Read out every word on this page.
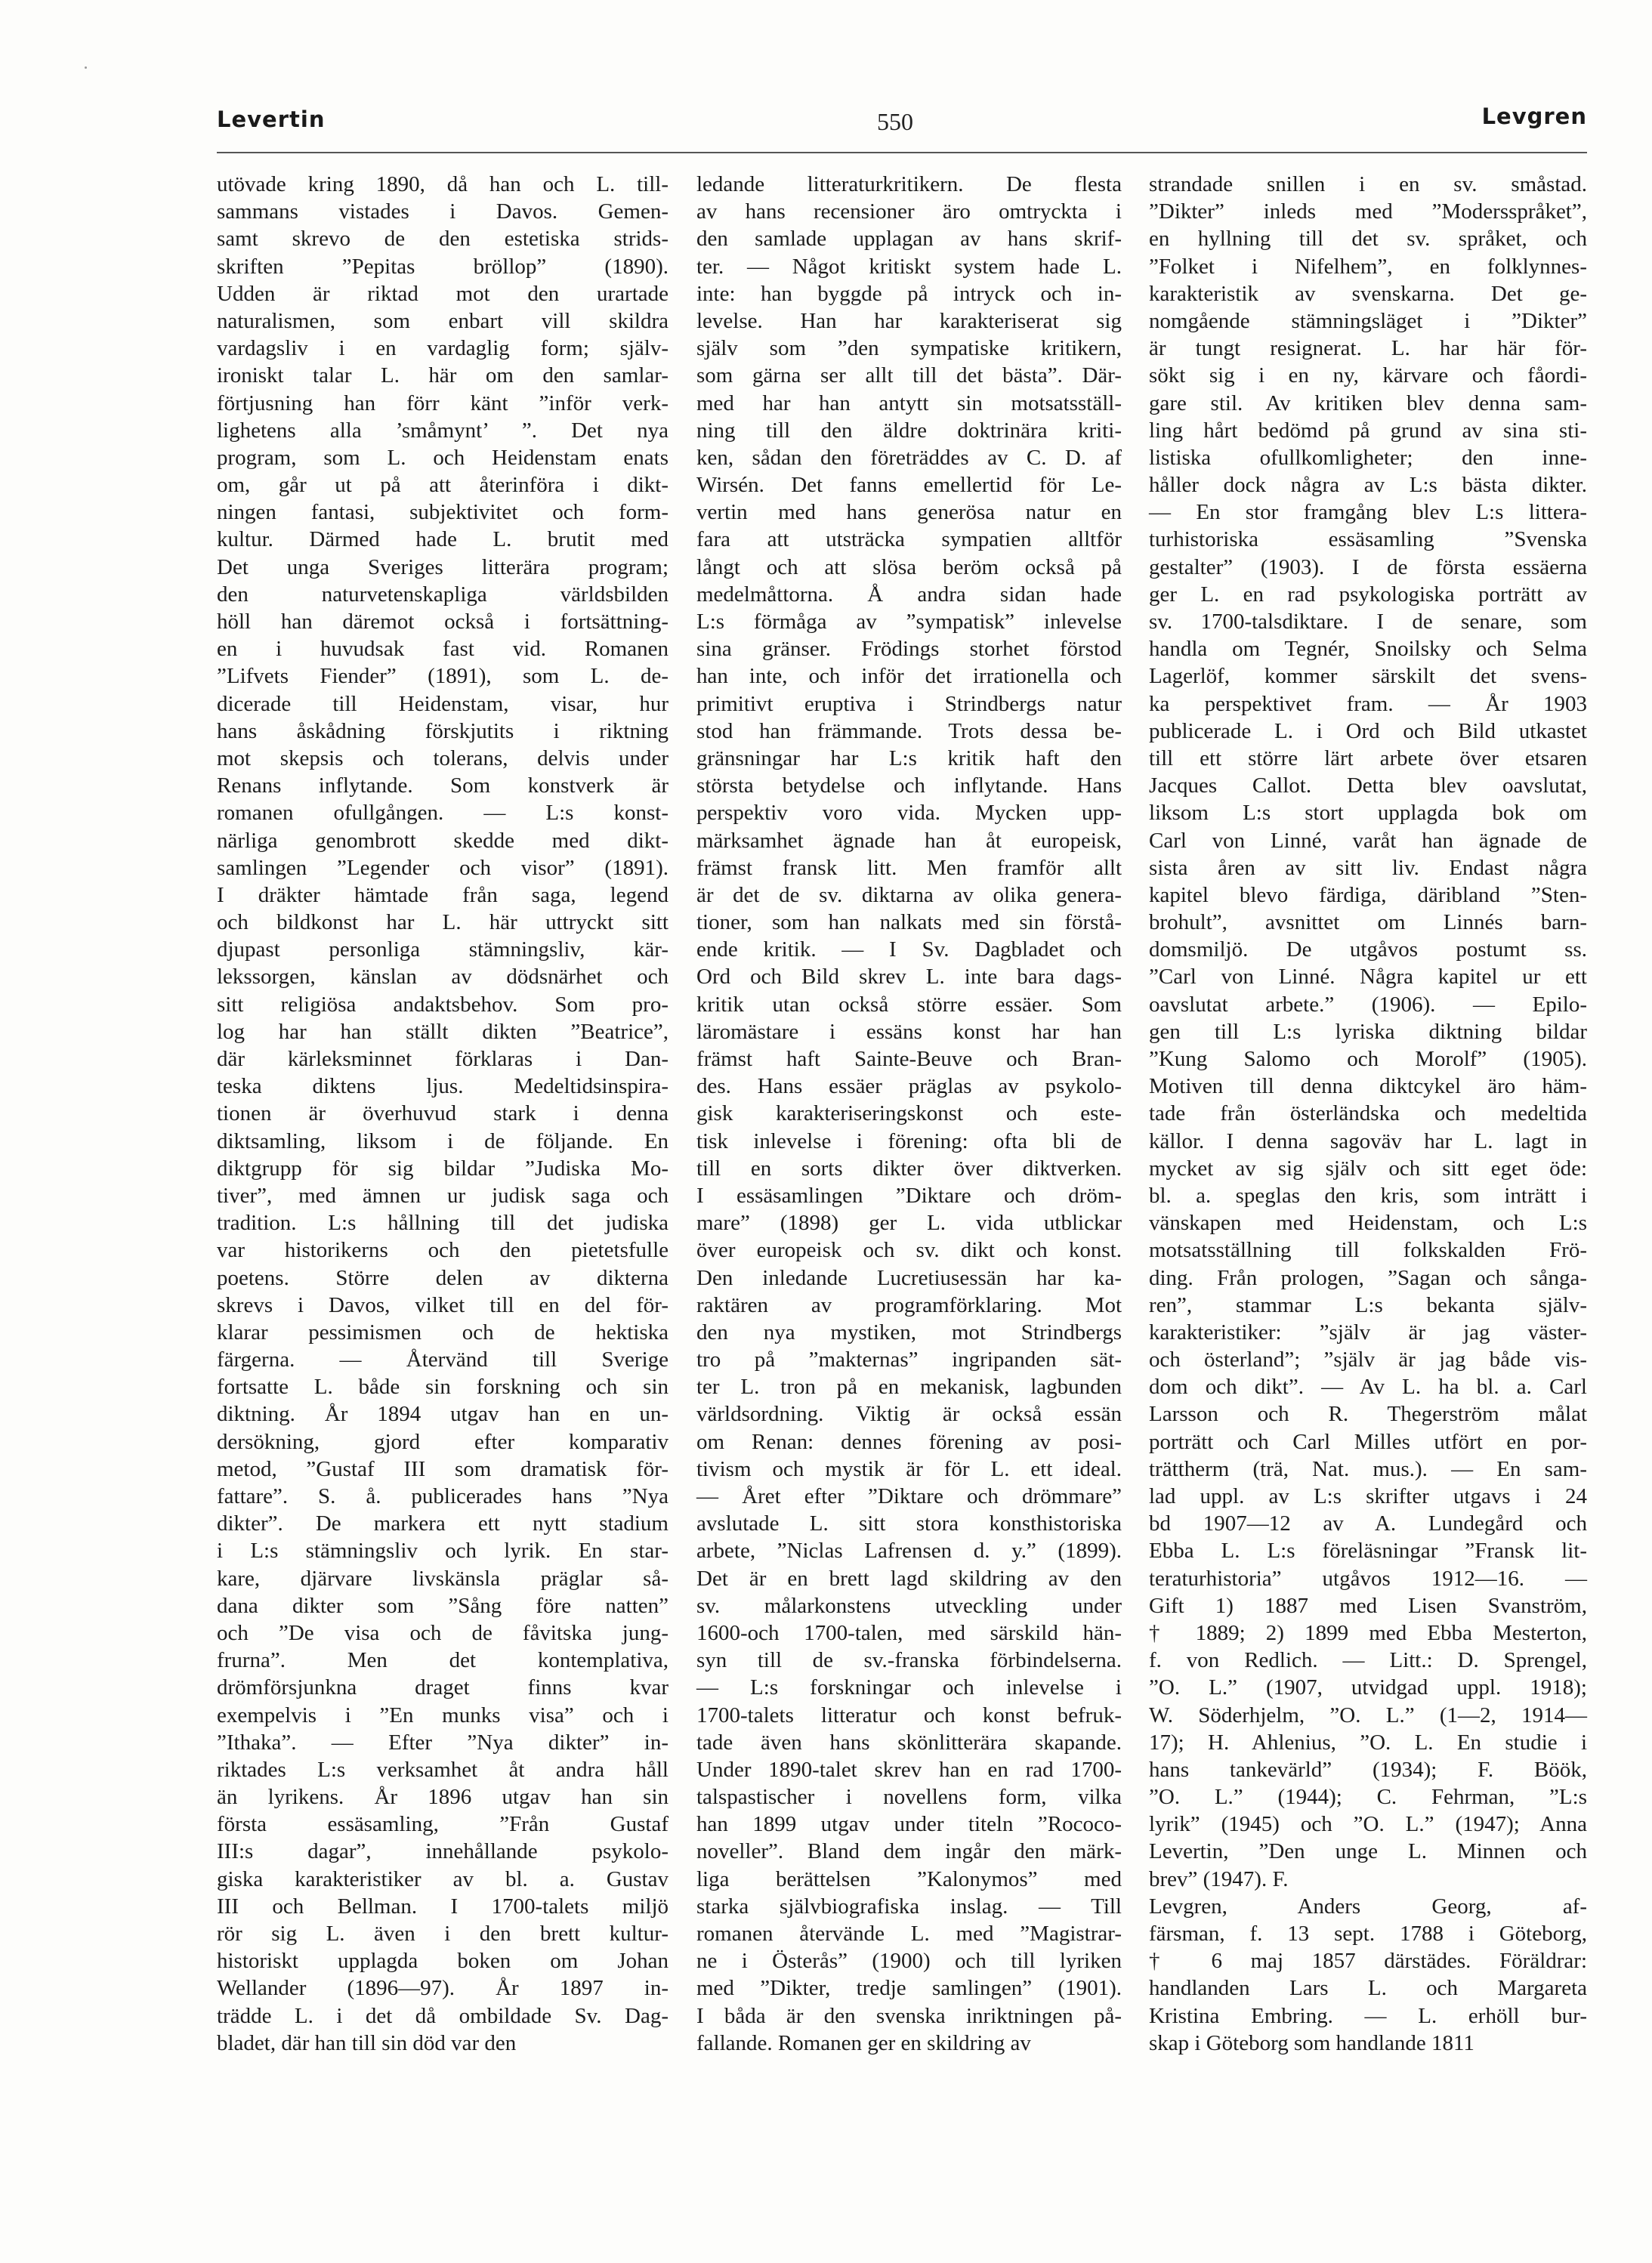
Levertin	550	Levgren
utövade kring 1890, då han och L. till-
sammans vistades i Davos. Gemen-
samt skrevo de den estetiska strids-
skriften ”Pepitas bröllop” (1890).
Udden är riktad mot den urartade
naturalismen, som enbart vill skildra
vardagsliv i en vardaglig form; själv-
ironiskt talar L. här om den samlar-
förtjusning han förr känt ”inför verk-
lighetens alla ’småmynt’ ”. Det nya
program, som L. och Heidenstam enats
om, går ut på att återinföra i dikt-
ningen fantasi, subjektivitet och form-
kultur. Därmed hade L. brutit med
Det unga Sveriges litterära program;
den naturvetenskapliga världsbilden
höll han däremot också i fortsättning-
en i huvudsak fast vid. Romanen
”Lifvets Fiender” (1891), som L. de-
dicerade till Heidenstam, visar, hur
hans åskådning förskjutits i riktning
mot skepsis och tolerans, delvis under
Renans inflytande. Som konstverk är
romanen ofullgången. — L:s konst-
närliga genombrott skedde med dikt-
samlingen ”Legender och visor” (1891).
I dräkter hämtade från saga, legend
och bildkonst har L. här uttryckt sitt
djupast personliga stämningsliv, kär-
lekssorgen, känslan av dödsnärhet och
sitt religiösa andaktsbehov. Som pro-
log har han ställt dikten ”Beatrice”,
där kärleksminnet förklaras i Dan-
teska diktens ljus. Medeltidsinspira-
tionen är överhuvud stark i denna
diktsamling, liksom i de följande. En
diktgrupp för sig bildar ”Judiska Mo-
tiver”, med ämnen ur judisk saga och
tradition. L:s hållning till det judiska
var historikerns och den pietetsfulle
poetens. Större delen av dikterna
skrevs i Davos, vilket till en del för-
klarar pessimismen och de hektiska
färgerna. — Återvänd till Sverige
fortsatte L. både sin forskning och sin
diktning. År 1894 utgav han en un-
dersökning, gjord efter komparativ
metod, ”Gustaf III som dramatisk för-
fattare”. S. å. publicerades hans ”Nya
dikter”. De markera ett nytt stadium
i L:s stämningsliv och lyrik. En star-
kare, djärvare livskänsla präglar så-
dana dikter som ”Sång före natten”
och ”De visa och de fåvitska jung-
frurna”. Men det kontemplativa,
drömförsjunkna draget finns kvar
exempelvis i ”En munks visa” och i
”Ithaka”. — Efter ”Nya dikter” in-
riktades L:s verksamhet åt andra håll
än lyrikens. År 1896 utgav han sin
första essäsamling, ”Från Gustaf
III:s dagar”, innehållande psykolo-
giska karakteristiker av bl. a. Gustav
III och Bellman. I 1700-talets miljö
rör sig L. även i den brett kultur-
historiskt upplagda boken om Johan
Wellander (1896—97). År 1897 in-
trädde L. i det då ombildade Sv. Dag-
bladet, där han till sin död var den
ledande litteraturkritikern. De flesta
av hans recensioner äro omtryckta i
den samlade upplagan av hans skrif-
ter. — Något kritiskt system hade L.
inte: han byggde på intryck och in-
levelse. Han har karakteriserat sig
själv som ”den sympatiske kritikern,
som gärna ser allt till det bästa”. Där-
med har han antytt sin motsatsställ-
ning till den äldre doktrinära kriti-
ken, sådan den företräddes av C. D. af
Wirsén. Det fanns emellertid för Le-
vertin med hans generösa natur en
fara att utsträcka sympatien alltför
långt och att slösa beröm också på
medelmåttorna. Å andra sidan hade
L:s förmåga av ”sympatisk” inlevelse
sina gränser. Frödings storhet förstod
han inte, och inför det irrationella och
primitivt eruptiva i Strindbergs natur
stod han främmande. Trots dessa be-
gränsningar har L:s kritik haft den
största betydelse och inflytande. Hans
perspektiv voro vida. Mycken upp-
märksamhet ägnade han åt europeisk,
främst fransk litt. Men framför allt
är det de sv. diktarna av olika genera-
tioner, som han nalkats med sin förstå-
ende kritik. — I Sv. Dagbladet och
Ord och Bild skrev L. inte bara dags-
kritik utan också större essäer. Som
läromästare i essäns konst har han
främst haft Sainte-Beuve och Bran-
des. Hans essäer präglas av psykolo-
gisk karakteriseringskonst och este-
tisk inlevelse i förening: ofta bli de
till en sorts dikter över diktverken.
I essäsamlingen ”Diktare och dröm-
mare” (1898) ger L. vida utblickar
över europeisk och sv. dikt och konst.
Den inledande Lucretiusessän har ka-
raktären av programförklaring. Mot
den nya mystiken, mot Strindbergs
tro på ”makternas” ingripanden sät-
ter L. tron på en mekanisk, lagbunden
världsordning. Viktig är också essän
om Renan: dennes förening av posi-
tivism och mystik är för L. ett ideal.
— Året efter ”Diktare och drömmare”
avslutade L. sitt stora konsthistoriska
arbete, ”Niclas Lafrensen d. y.” (1899).
Det är en brett lagd skildring av den
sv. målarkonstens utveckling under
1600-och 1700-talen, med särskild hän-
syn till de sv.-franska förbindelserna.
— L:s forskningar och inlevelse i
1700-talets litteratur och konst befruk-
tade även hans skönlitterära skapande.
Under 1890-talet skrev han en rad 1700-
talspastischer i novellens form, vilka
han 1899 utgav under titeln ”Rococo-
noveller”. Bland dem ingår den märk-
liga berättelsen ”Kalonymos” med
starka självbiografiska inslag. — Till
romanen återvände L. med ”Magistrar-
ne i Österås” (1900) och till lyriken
med ”Dikter, tredje samlingen” (1901).
I båda är den svenska inriktningen på-
fallande. Romanen ger en skildring av
strandade snillen i en sv. småstad.
”Dikter” inleds med ”Modersspråket”,
en hyllning till det sv. språket, och
”Folket i Nifelhem”, en folklynnes-
karakteristik av svenskarna. Det ge-
nomgående stämningsläget i ”Dikter”
är tungt resignerat. L. har här för-
sökt sig i en ny, kärvare och fåordi-
gare stil. Av kritiken blev denna sam-
ling hårt bedömd på grund av sina sti-
listiska ofullkomligheter; den inne-
håller dock några av L:s bästa dikter.
— En stor framgång blev L:s littera-
turhistoriska essäsamling ”Svenska
gestalter” (1903). I de första essäerna
ger L. en rad psykologiska porträtt av
sv. 1700-talsdiktare. I de senare, som
handla om Tegnér, Snoilsky och Selma
Lagerlöf, kommer särskilt det svens-
ka perspektivet fram. — År 1903
publicerade L. i Ord och Bild utkastet
till ett större lärt arbete över etsaren
Jacques Callot. Detta blev oavslutat,
liksom L:s stort upplagda bok om
Carl von Linné, varåt han ägnade de
sista åren av sitt liv. Endast några
kapitel blevo färdiga, däribland ”Sten-
brohult”, avsnittet om Linnés barn-
domsmiljö. De utgåvos postumt ss.
”Carl von Linné. Några kapitel ur ett
oavslutat arbete.” (1906). — Epilo-
gen till L:s lyriska diktning bildar
”Kung Salomo och Morolf” (1905).
Motiven till denna diktcykel äro häm-
tade från österländska och medeltida
källor. I denna sagoväv har L. lagt in
mycket av sig själv och sitt eget öde:
bl. a. speglas den kris, som inträtt i
vänskapen med Heidenstam, och L:s
motsatsställning till folkskalden Frö-
ding. Från prologen, ”Sagan och sånga-
ren”, stammar L:s bekanta själv-
karakteristiker: ”själv är jag väster-
och österland”; ”själv är jag både vis-
dom och dikt”. — Av L. ha bl. a. Carl
Larsson och R. Thegerström målat
porträtt och Carl Milles utfört en por-
trättherm (trä, Nat. mus.). — En sam-
lad uppl. av L:s skrifter utgavs i 24
bd 1907—12 av A. Lundegård och
Ebba L. L:s föreläsningar ”Fransk lit-
teraturhistoria” utgåvos 1912—16. —
Gift 1) 1887 med Lisen Svanström,
† 1889; 2) 1899 med Ebba Mesterton,
f. von Redlich. — Litt.: D. Sprengel,
”O. L.” (1907, utvidgad uppl. 1918);
W. Söderhjelm, ”O. L.” (1—2, 1914—
17); H. Ahlenius, ”O. L. En studie i
hans tankevärld” (1934); F. Böök,
”O. L.” (1944); C. Fehrman, ”L:s
lyrik” (1945) och ”O. L.” (1947); Anna
Levertin, ”Den unge L. Minnen och
brev” (1947). F.
Levgren, Anders Georg, af-
färsman, f. 13 sept. 1788 i Göteborg,
† 6 maj 1857 därstädes. Föräldrar:
handlanden Lars L. och Margareta
Kristina Embring. — L. erhöll bur-
skap i Göteborg som handlande 1811
